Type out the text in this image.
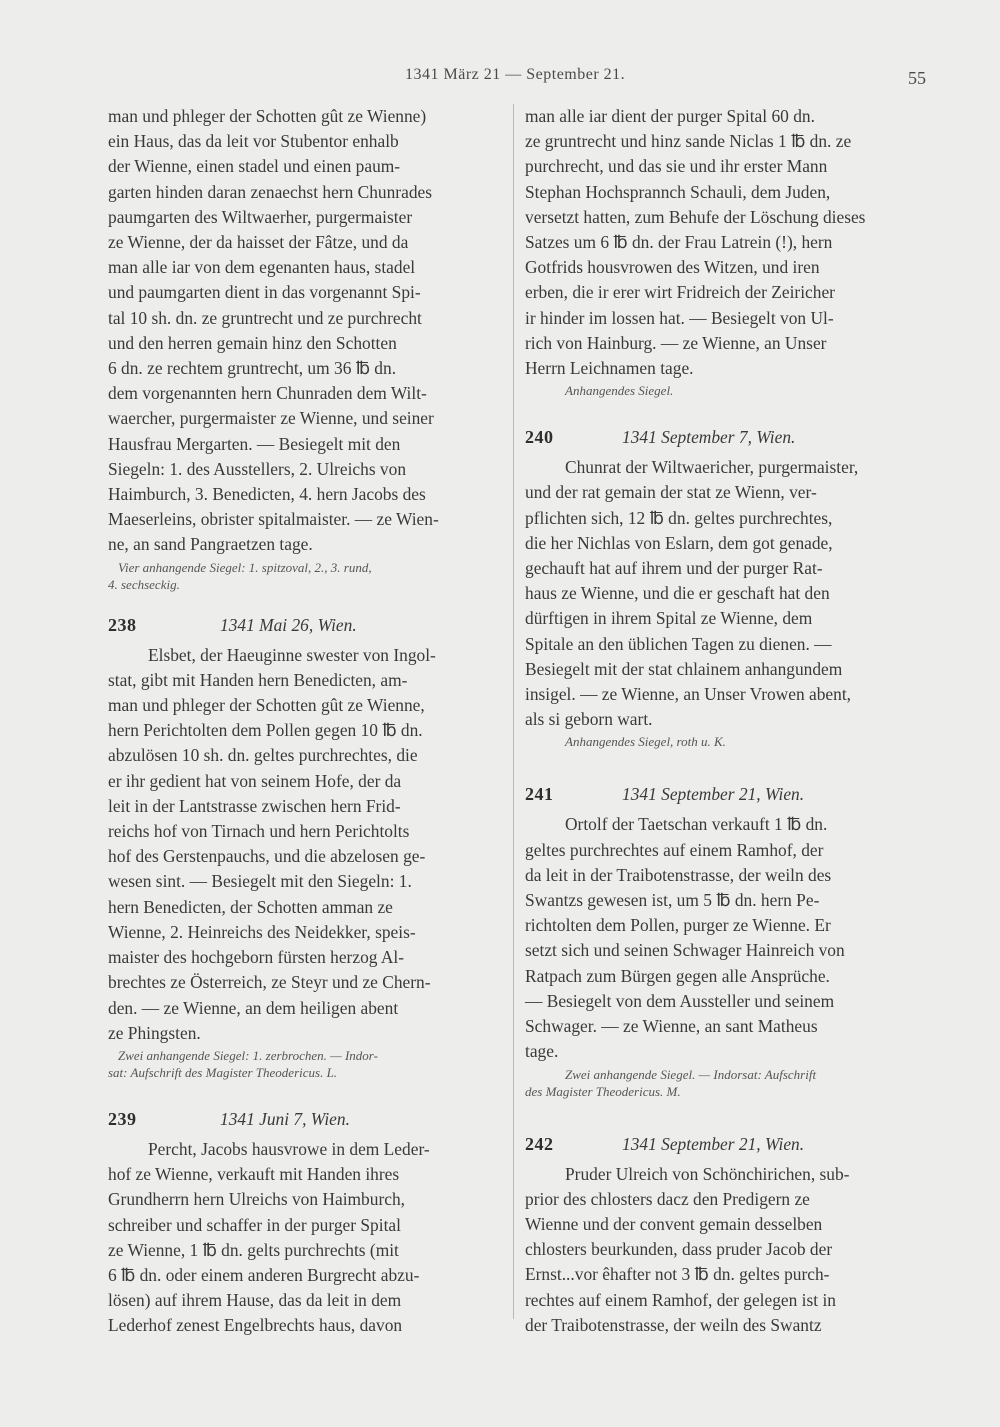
1341 März 21 — September 21.	55
man und phleger der Schotten gût ze Wienne)
ein Haus, das da leit vor Stubentor enhalb
der Wienne, einen stadel und einen paum-
garten hinden daran zenaechst hern Chunrades
paumgarten des Wiltwaerher, purgermaister
ze Wienne, der da haisset der Fâtze, und da
man alle iar von dem egenanten haus, stadel
und paumgarten dient in das vorgenannt Spi-
tal 10 sh. dn. ze gruntrecht und ze purchrecht
und den herren gemain hinz den Schotten
6 dn. ze rechtem gruntrecht, um 36 ℔ dn.
dem vorgenannten hern Chunraden dem Wilt-
waercher, purgermaister ze Wienne, und seiner
Hausfrau Mergarten. — Besiegelt mit den
Siegeln: 1. des Ausstellers, 2. Ulreichs von
Haimburch, 3. Benedicten, 4. hern Jacobs des
Maeserleins, obrister spitalmaister. — ze Wien-
ne, an sand Pangraetzen tage.
Vier anhangende Siegel: 1. spitzoval, 2., 3. rund,
4. sechseckig.
238	1341 Mai 26, Wien.
Elsbet, der Haeuginne swester von Ingol-
stat, gibt mit Handen hern Benedicten, am-
man und phleger der Schotten gût ze Wienne,
hern Perichtolten dem Pollen gegen 10 ℔ dn.
abzulösen 10 sh. dn. geltes purchrechtes, die
er ihr gedient hat von seinem Hofe, der da
leit in der Lantstrasse zwischen hern Frid-
reichs hof von Tirnach und hern Perichtolts
hof des Gerstenpauchs, und die abzelosen ge-
wesen sint. — Besiegelt mit den Siegeln: 1.
hern Benedicten, der Schotten amman ze
Wienne, 2. Heinreichs des Neidekker, speis-
maister des hochgeborn fürsten herzog Al-
brechtes ze Österreich, ze Steyr und ze Chern-
den. — ze Wienne, an dem heiligen abent
ze Phingsten.
Zwei anhangende Siegel: 1. zerbrochen. — Indor-
sat: Aufschrift des Magister Theodericus. L.
239	1341 Juni 7, Wien.
Percht, Jacobs hausvrowe in dem Leder-
hof ze Wienne, verkauft mit Handen ihres
Grundherrn hern Ulreichs von Haimburch,
schreiber und schaffer in der purger Spital
ze Wienne, 1 ℔ dn. gelts purchrechts (mit
6 ℔ dn. oder einem anderen Burgrecht abzu-
lösen) auf ihrem Hause, das da leit in dem
Lederhof zenest Engelbrechts haus, davon
man alle iar dient der purger Spital 60 dn.
ze gruntrecht und hinz sande Niclas 1 ℔ dn. ze
purchrecht, und das sie und ihr erster Mann
Stephan Hochsprannch Schauli, dem Juden,
versetzt hatten, zum Behufe der Löschung dieses
Satzes um 6 ℔ dn. der Frau Latrein (!), hern
Gotfrids housvrowen des Witzen, und iren
erben, die ir erer wirt Fridreich der Zeiricher
ir hinder im lossen hat. — Besiegelt von Ul-
rich von Hainburg. — ze Wienne, an Unser
Herrn Leichnamen tage.
Anhangendes Siegel.
240	1341 September 7, Wien.
Chunrat der Wiltwaericher, purgermaister,
und der rat gemain der stat ze Wienn, ver-
pflichten sich, 12 ℔ dn. geltes purchrechtes,
die her Nichlas von Eslarn, dem got genade,
gechauft hat auf ihrem und der purger Rat-
haus ze Wienne, und die er geschaft hat den
dürftigen in ihrem Spital ze Wienne, dem
Spitale an den üblichen Tagen zu dienen. —
Besiegelt mit der stat chlainem anhangundem
insigel. — ze Wienne, an Unser Vrowen abent,
als si geborn wart.
Anhangendes Siegel, roth u. K.
241	1341 September 21, Wien.
Ortolf der Taetschan verkauft 1 ℔ dn.
geltes purchrechtes auf einem Ramhof, der
da leit in der Traibotenstrasse, der weiln des
Swantzs gewesen ist, um 5 ℔ dn. hern Pe-
richtolten dem Pollen, purger ze Wienne. Er
setzt sich und seinen Schwager Hainreich von
Ratpach zum Bürgen gegen alle Ansprüche.
— Besiegelt von dem Aussteller und seinem
Schwager. — ze Wienne, an sant Matheus
tage.
Zwei anhangende Siegel. — Indorsat: Aufschrift
des Magister Theodericus. M.
242	1341 September 21, Wien.
Pruder Ulreich von Schönchirichen, sub-
prior des chlosters dacz den Predigern ze
Wienne und der convent gemain desselben
chlosters beurkunden, dass pruder Jacob der
Ernst...vor êhafter not 3 ℔ dn. geltes purch-
rechtes auf einem Ramhof, der gelegen ist in
der Traibotenstrasse, der weiln des Swantz
